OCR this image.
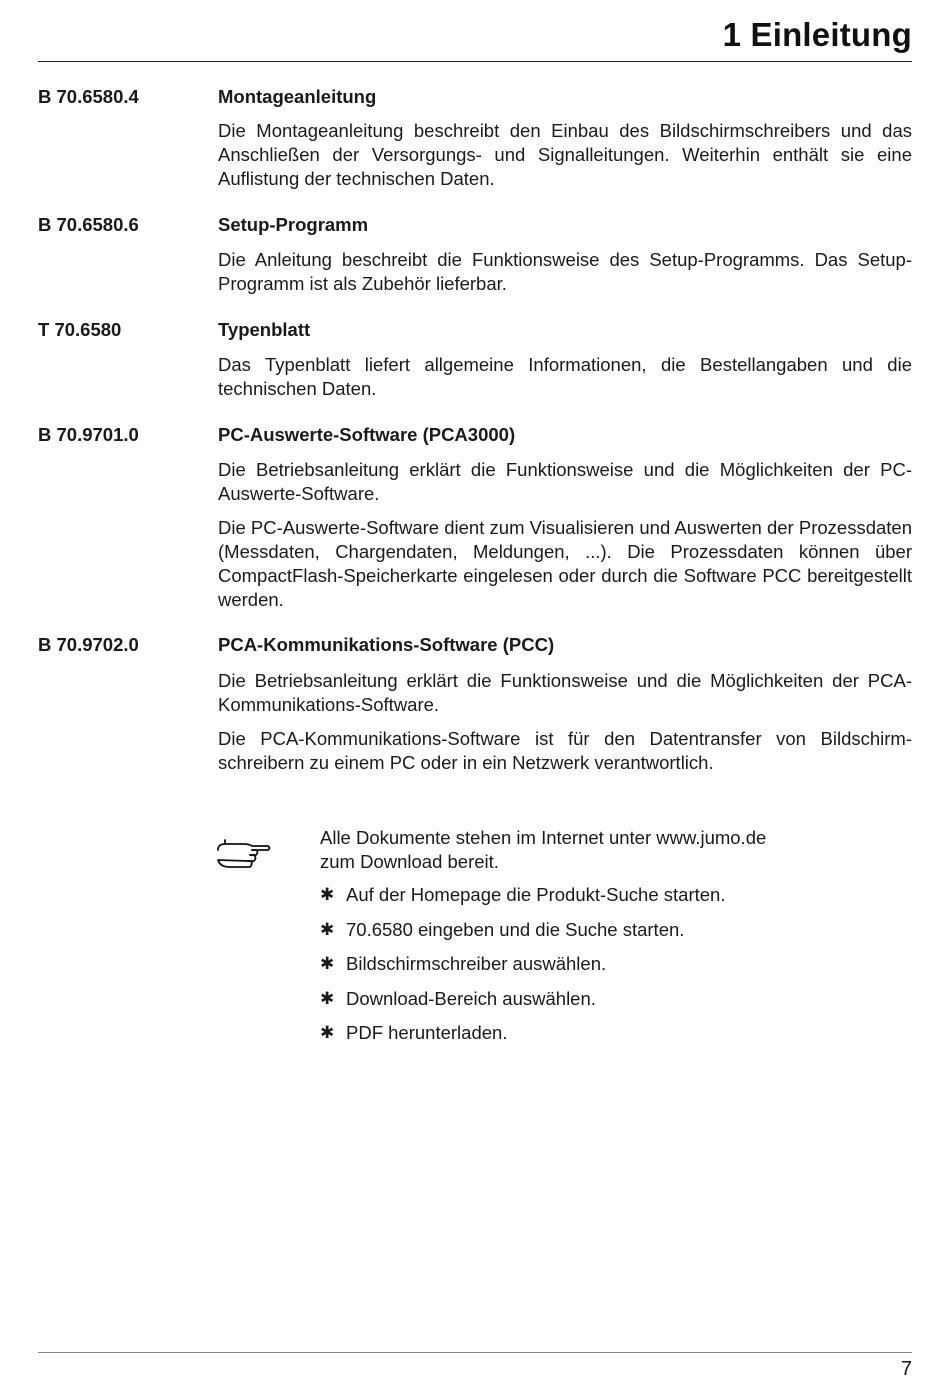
1 Einleitung
B 70.6580.4	Montageanleitung
Die Montageanleitung beschreibt den Einbau des Bildschirmschreibers und das Anschließen der Versorgungs- und Signalleitungen. Weiterhin enthält sie eine Auflistung der technischen Daten.
B 70.6580.6	Setup-Programm
Die Anleitung beschreibt die Funktionsweise des Setup-Programms. Das Setup-Programm ist als Zubehör lieferbar.
T 70.6580	Typenblatt
Das Typenblatt liefert allgemeine Informationen, die Bestellangaben und die technischen Daten.
B 70.9701.0	PC-Auswerte-Software (PCA3000)
Die Betriebsanleitung erklärt die Funktionsweise und die Möglichkeiten der PC-Auswerte-Software.
Die PC-Auswerte-Software dient zum Visualisieren und Auswerten der Prozessdaten (Messdaten, Chargendaten, Meldungen, ...). Die Prozessdaten können über CompactFlash-Speicherkarte eingelesen oder durch die Software PCC bereitgestellt werden.
B 70.9702.0	PCA-Kommunikations-Software (PCC)
Die Betriebsanleitung erklärt die Funktionsweise und die Möglichkeiten der PCA-Kommunikations-Software.
Die PCA-Kommunikations-Software ist für den Datentransfer von Bildschirmschreibern zu einem PC oder in ein Netzwerk verantwortlich.
Alle Dokumente stehen im Internet unter www.jumo.de
zum Download bereit.
✱ Auf der Homepage die Produkt-Suche starten.
✱ 70.6580 eingeben und die Suche starten.
✱ Bildschirmschreiber auswählen.
✱ Download-Bereich auswählen.
✱ PDF herunterladen.
7
